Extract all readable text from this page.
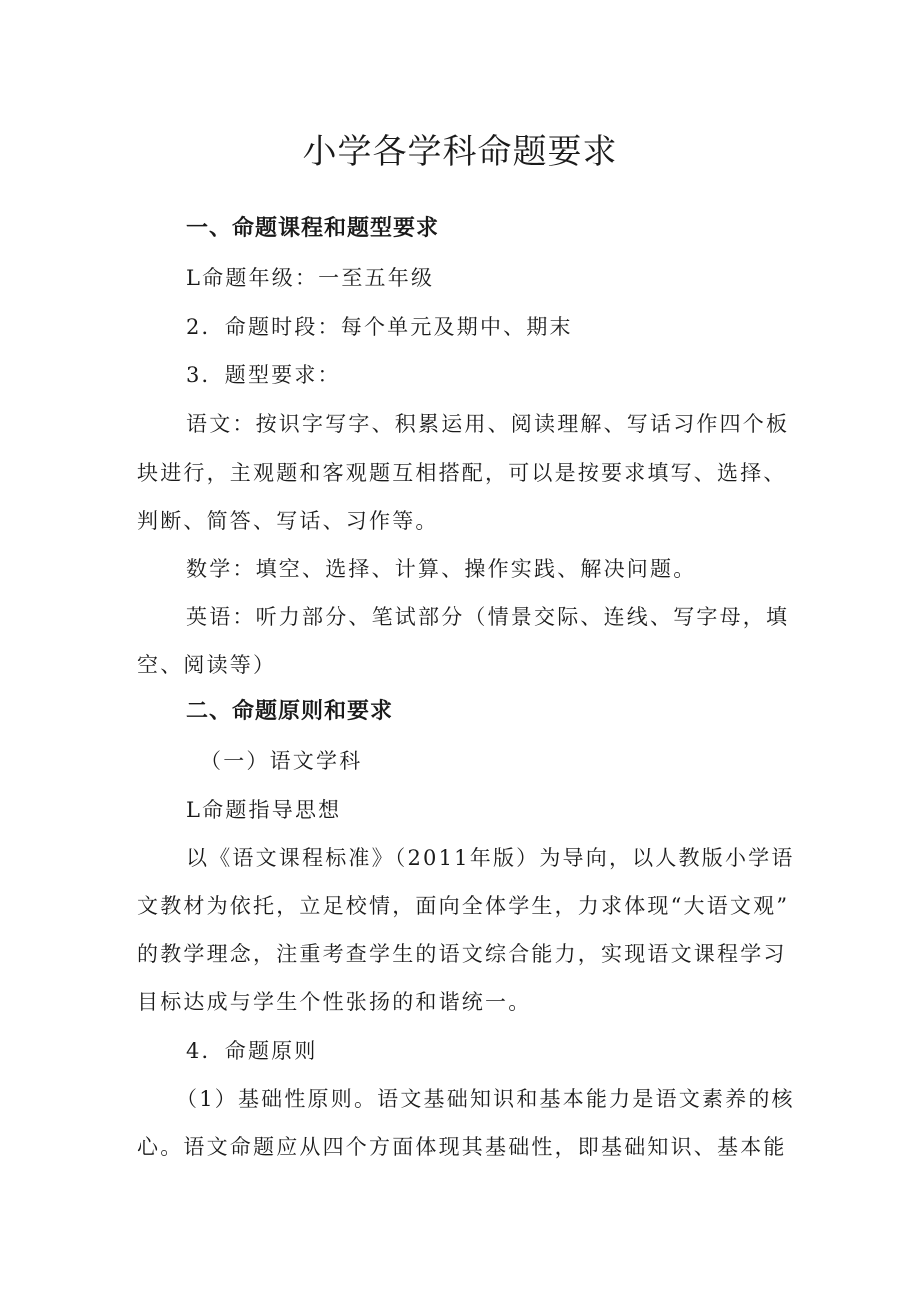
小学各学科命题要求
一、命题课程和题型要求
L命题年级：一至五年级
2．命题时段：每个单元及期中、期末
3．题型要求：
语文：按识字写字、积累运用、阅读理解、写话习作四个板
块进行，主观题和客观题互相搭配，可以是按要求填写、选择、
判断、简答、写话、习作等。
数学：填空、选择、计算、操作实践、解决问题。
英语：听力部分、笔试部分（情景交际、连线、写字母，填
空、阅读等）
二、命题原则和要求
（一）语文学科
L命题指导思想
以《语文课程标准》（2011年版）为导向，以人教版小学语
文教材为依托，立足校情，面向全体学生，力求体现“大语文观”
的教学理念，注重考查学生的语文综合能力，实现语文课程学习
目标达成与学生个性张扬的和谐统一。
4．命题原则
（1）基础性原则。语文基础知识和基本能力是语文素养的核
心。语文命题应从四个方面体现其基础性，即基础知识、基本能
